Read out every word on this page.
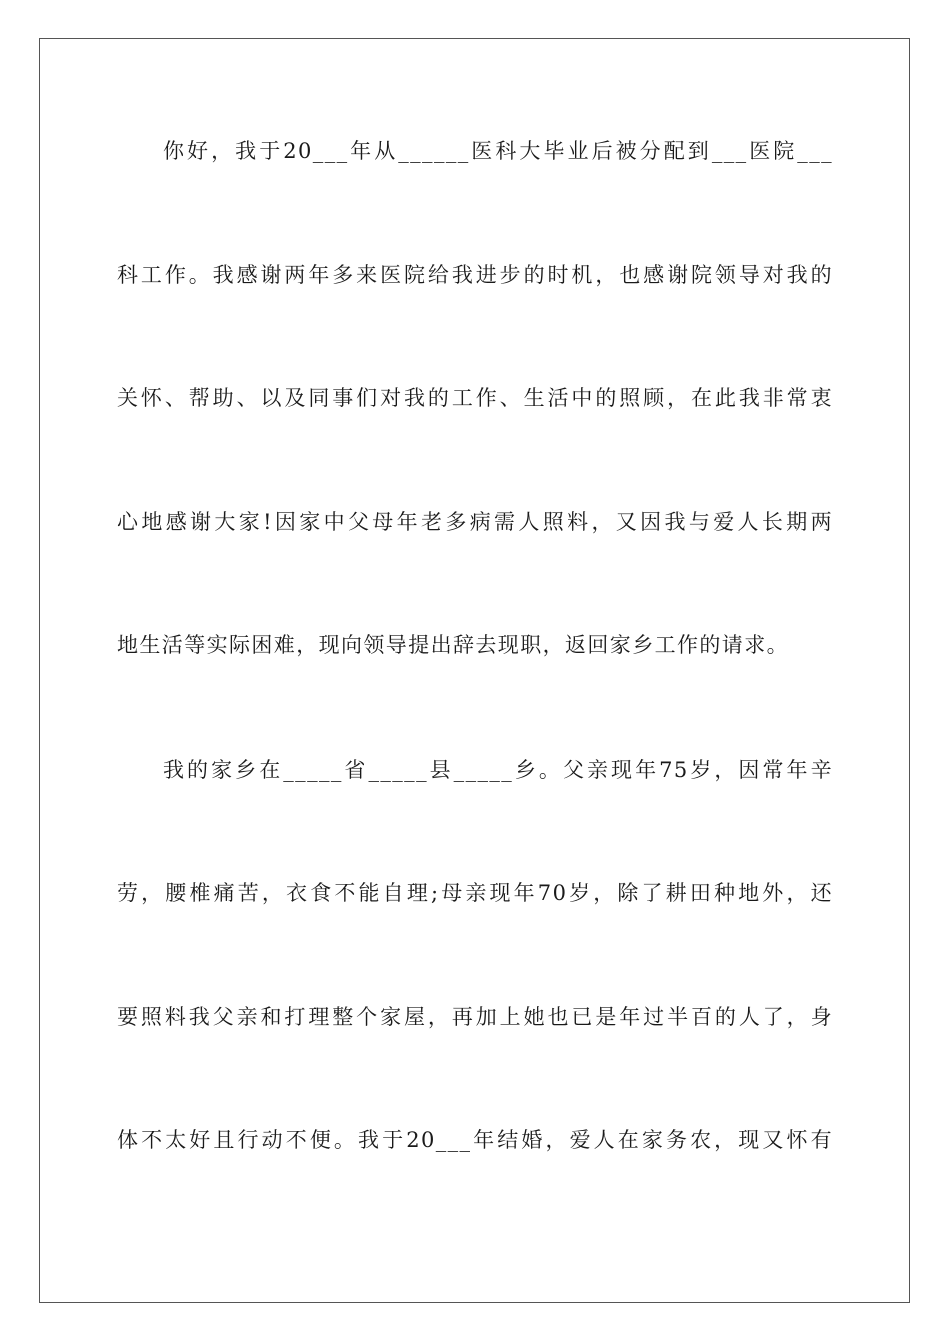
你好，我于20___年从______医科大毕业后被分配到___医院___
科工作。我感谢两年多来医院给我进步的时机，也感谢院领导对我的
关怀、帮助、以及同事们对我的工作、生活中的照顾，在此我非常衷
心地感谢大家!因家中父母年老多病需人照料，又因我与爱人长期两
地生活等实际困难，现向领导提出辞去现职，返回家乡工作的请求。
我的家乡在_____省_____县_____乡。父亲现年75岁，因常年辛
劳，腰椎痛苦，衣食不能自理;母亲现年70岁，除了耕田种地外，还
要照料我父亲和打理整个家屋，再加上她也已是年过半百的人了，身
体不太好且行动不便。我于20___年结婚，爱人在家务农，现又怀有
